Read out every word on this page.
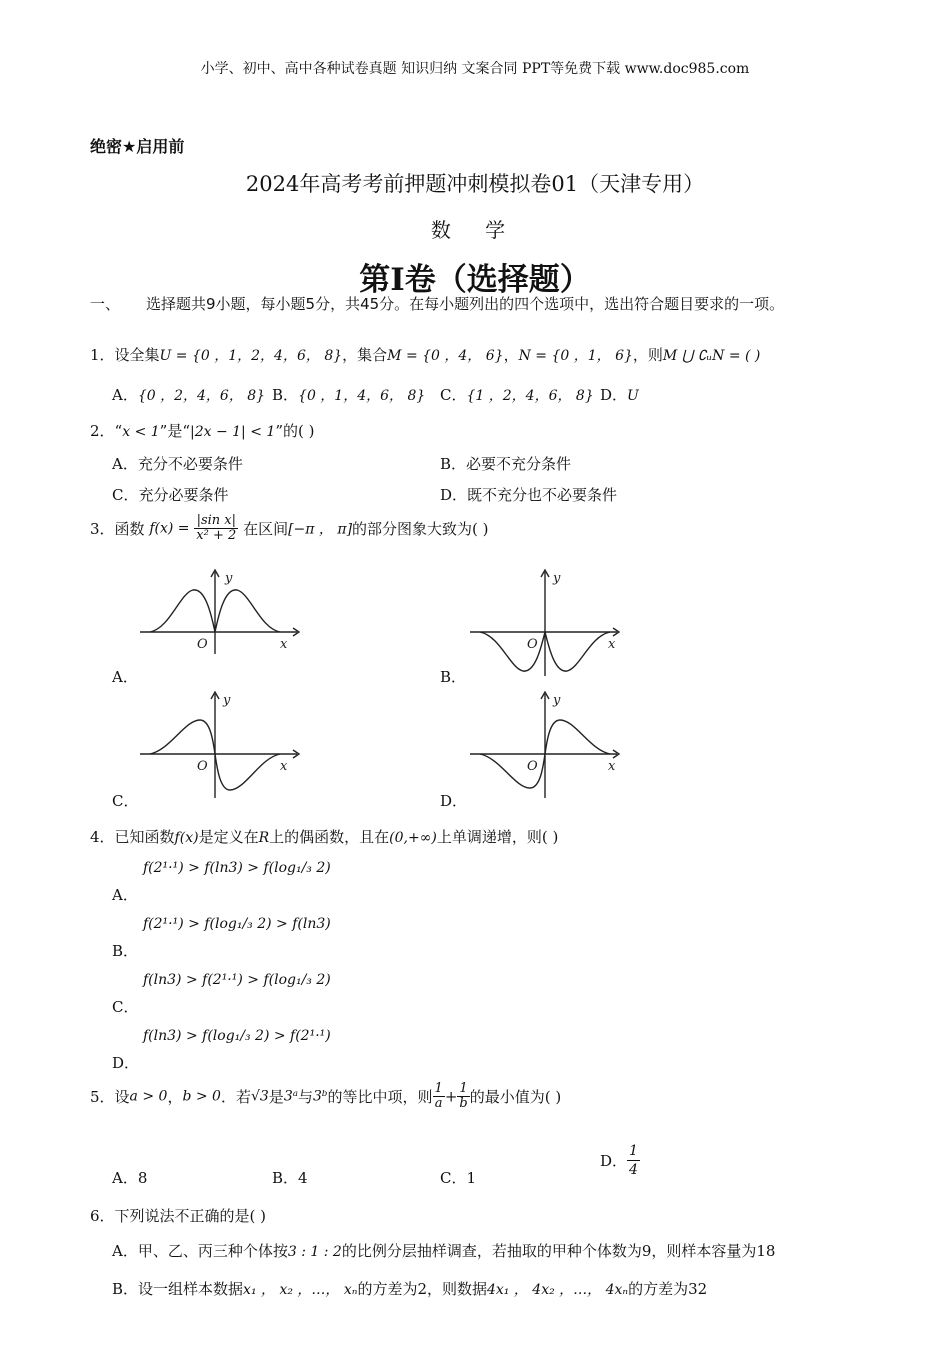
小学、初中、高中各种试卷真题 知识归纳 文案合同 PPT等免费下载 www.doc985.com
绝密★启用前
2024年高考考前押题冲刺模拟卷01（天津专用）
数 学
第Ⅰ卷（选择题）
一、 选择题共9小题，每小题5分，共45分。在每小题列出的四个选项中，选出符合题目要求的一项。
1．设全集U = {0 ，1，2，4，6， 8}，集合M = {0 ，4， 6}，N = {0 ，1， 6}，则M ⋃ ∁ᵤN = ( )
A．{0 ，2，4，6， 8} B．{0 ，1，4，6， 8} C．{1 ，2，4，6， 8} D．U
2．“x < 1”是“|2x − 1| < 1”的( )
A．充分不必要条件	B．必要不充分条件
C．充分必要条件	D．既不充分也不必要条件
3．函数 $f(x) = \frac{\text{|sin x|}}{\text{x² + 2}}$ 在区间[−π ， π]的部分图象大致为( )
y
x
O
A．
y
x
O
B．
y
x
O
C．
y
x
O
D．
4．已知函数f(x)是定义在R上的偶函数，且在(0,+∞)上单调递增，则( )
f(2¹·¹) > f(ln3) > f(log₁/₃ 2)
A．
f(2¹·¹) > f(log₁/₃ 2) > f(ln3)
B．
f(ln3) > f(2¹·¹) > f(log₁/₃ 2)
C．
f(ln3) > f(log₁/₃ 2) > f(2¹·¹)
D．
5．设a > 0，b > 0．若√3是3ᵃ与3ᵇ的等比中项，则 $\frac{1}{a} + \frac{1}{b}$ 的最小值为( )
A．8	B．4	C．1
D． $\frac{1}{4}$
6．下列说法不正确的是( )
A．甲、乙、丙三种个体按3 : 1 : 2的比例分层抽样调查，若抽取的甲种个体数为9，则样本容量为18
B．设一组样本数据x₁ ， x₂ ，…， xₙ的方差为2，则数据4x₁ ， 4x₂ ，…， 4xₙ的方差为32
